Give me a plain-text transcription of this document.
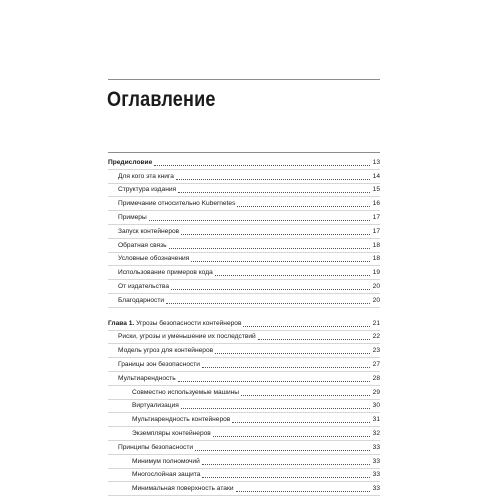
Оглавление
Предисловие	13
Для кого эта книга	14
Структура издания	15
Примечание относительно Kubernetes	16
Примеры	17
Запуск контейнеров	17
Обратная связь	18
Условные обозначения	18
Использование примеров кода	19
От издательства	20
Благодарности	20
Глава 1. Угрозы безопасности контейнеров	21
Риски, угрозы и уменьшение их последствий	22
Модель угроз для контейнеров	23
Границы зон безопасности	27
Мультиарендность	28
Совместно используемые машины	29
Виртуализация	30
Мультиарендность контейнеров	31
Экземпляры контейнеров	32
Принципы безопасности	33
Минимум полномочий	33
Многослойная защита	33
Минимальная поверхность атаки	33
